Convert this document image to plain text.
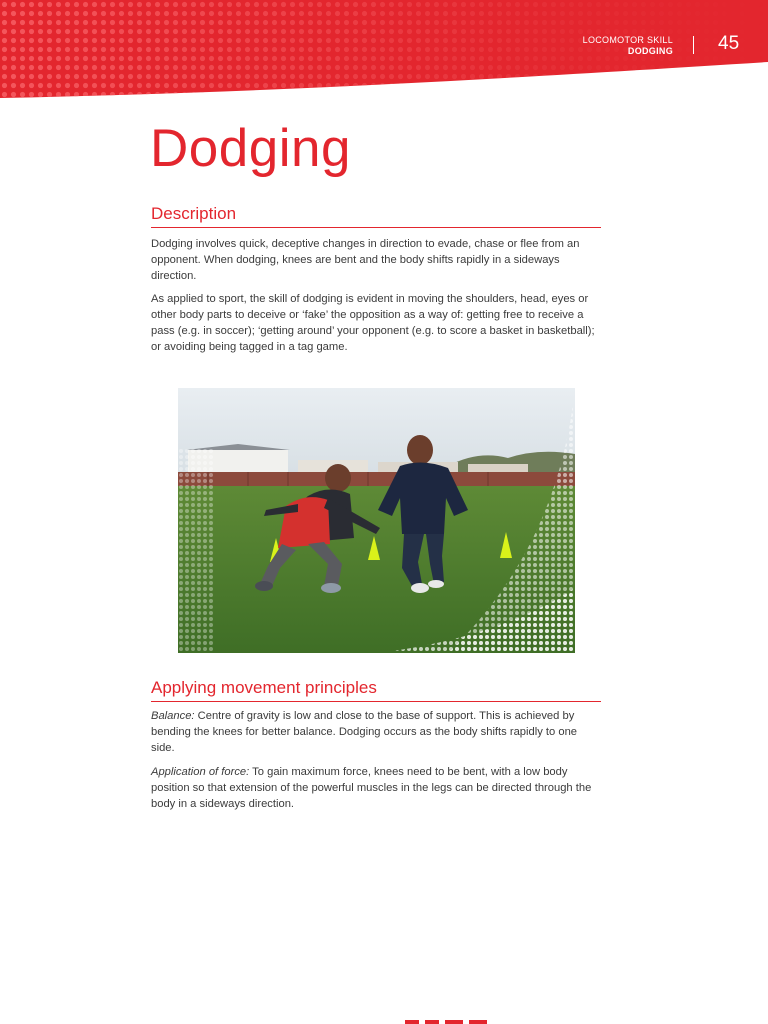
LOCOMOTOR SKILL
DODGING 45
Dodging
Description

Dodging involves quick, deceptive changes in direction to evade, chase or flee from an opponent. When dodging, knees are bent and the body shifts rapidly in a sideways direction.

As applied to sport, the skill of dodging is evident in moving the shoulders, head, eyes or other body parts to deceive or ‘fake’ the opposition as a way of: getting free to receive a pass (e.g. in soccer); ‘getting around’ your opponent (e.g. to score a basket in basketball); or avoiding being tagged in a tag game.

Applying movement principles

Balance: Centre of gravity is low and close to the base of support. This is achieved by bending the knees for better balance. Dodging occurs as the body shifts rapidly to one side.

Application of force: To gain maximum force, knees need to be bent, with a low body position so that extension of the powerful muscles in the legs can be directed through the body in a sideways direction.
